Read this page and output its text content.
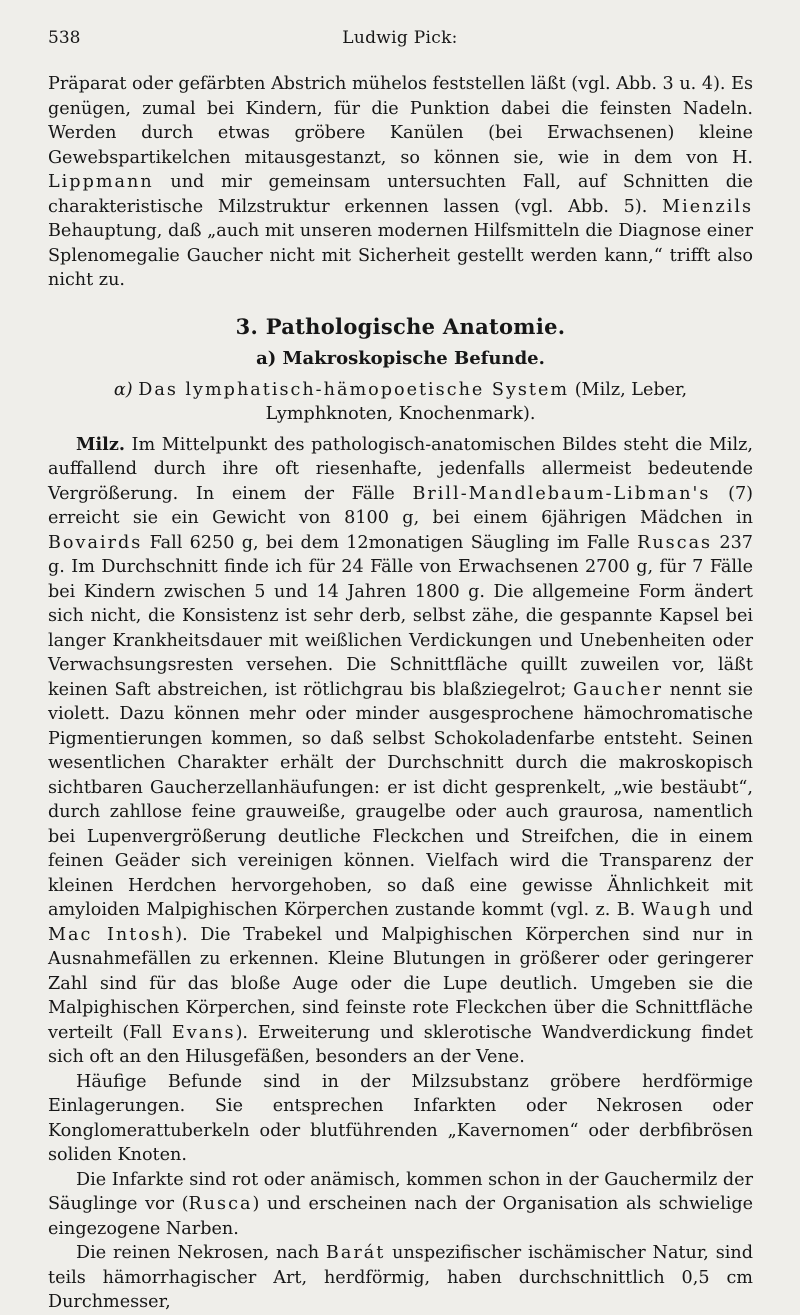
538	Ludwig Pick:

Präparat oder gefärbten Abstrich mühelos feststellen läßt (vgl. Abb. 3 u. 4). Es genügen, zumal bei Kindern, für die Punktion dabei die feinsten Nadeln. Werden durch etwas gröbere Kanülen (bei Erwachsenen) kleine Gewebspartikelchen mitausgestanzt, so können sie, wie in dem von H. Lippmann und mir gemeinsam untersuchten Fall, auf Schnitten die charakteristische Milzstruktur erkennen lassen (vgl. Abb. 5). Mienzils Behauptung, daß „auch mit unseren modernen Hilfsmitteln die Diagnose einer Splenomegalie Gaucher nicht mit Sicherheit gestellt werden kann,“ trifft also nicht zu.

3. Pathologische Anatomie.
a) Makroskopische Befunde.
α) Das lymphatisch-hämopoetische System (Milz, Leber, Lymphknoten, Knochenmark).

Milz. Im Mittelpunkt des pathologisch-anatomischen Bildes steht die Milz, auffallend durch ihre oft riesenhafte, jedenfalls allermeist bedeutende Vergrößerung. In einem der Fälle Brill-Mandlebaum-Libman's (7) erreicht sie ein Gewicht von 8100 g, bei einem 6jährigen Mädchen in Bovairds Fall 6250 g, bei dem 12monatigen Säugling im Falle Ruscas 237 g. Im Durchschnitt finde ich für 24 Fälle von Erwachsenen 2700 g, für 7 Fälle bei Kindern zwischen 5 und 14 Jahren 1800 g. Die allgemeine Form ändert sich nicht, die Konsistenz ist sehr derb, selbst zähe, die gespannte Kapsel bei langer Krankheitsdauer mit weißlichen Verdickungen und Unebenheiten oder Verwachsungsresten versehen. Die Schnittfläche quillt zuweilen vor, läßt keinen Saft abstreichen, ist rötlichgrau bis blaßziegelrot; Gaucher nennt sie violett. Dazu können mehr oder minder ausgesprochene hämochromatische Pigmentierungen kommen, so daß selbst Schokoladenfarbe entsteht. Seinen wesentlichen Charakter erhält der Durchschnitt durch die makroskopisch sichtbaren Gaucherzellanhäufungen: er ist dicht gesprenkelt, „wie bestäubt“, durch zahllose feine grauweiße, graugelbe oder auch graurosa, namentlich bei Lupenvergrößerung deutliche Fleckchen und Streifchen, die in einem feinen Geäder sich vereinigen können. Vielfach wird die Transparenz der kleinen Herdchen hervorgehoben, so daß eine gewisse Ähnlichkeit mit amyloiden Malpighischen Körperchen zustande kommt (vgl. z. B. Waugh und Mac Intosh). Die Trabekel und Malpighischen Körperchen sind nur in Ausnahmefällen zu erkennen. Kleine Blutungen in größerer oder geringerer Zahl sind für das bloße Auge oder die Lupe deutlich. Umgeben sie die Malpighischen Körperchen, sind feinste rote Fleckchen über die Schnittfläche verteilt (Fall Evans). Erweiterung und sklerotische Wandverdickung findet sich oft an den Hilusgefäßen, besonders an der Vene.

Häufige Befunde sind in der Milzsubstanz gröbere herdförmige Einlagerungen. Sie entsprechen Infarkten oder Nekrosen oder Konglomerattuberkeln oder blutführenden „Kavernomen“ oder derbfibrösen soliden Knoten.

Die Infarkte sind rot oder anämisch, kommen schon in der Gauchermilz der Säuglinge vor (Rusca) und erscheinen nach der Organisation als schwielige eingezogene Narben.

Die reinen Nekrosen, nach Barát unspezifischer ischämischer Natur, sind teils hämorrhagischer Art, herdförmig, haben durchschnittlich 0,5 cm Durchmesser,
